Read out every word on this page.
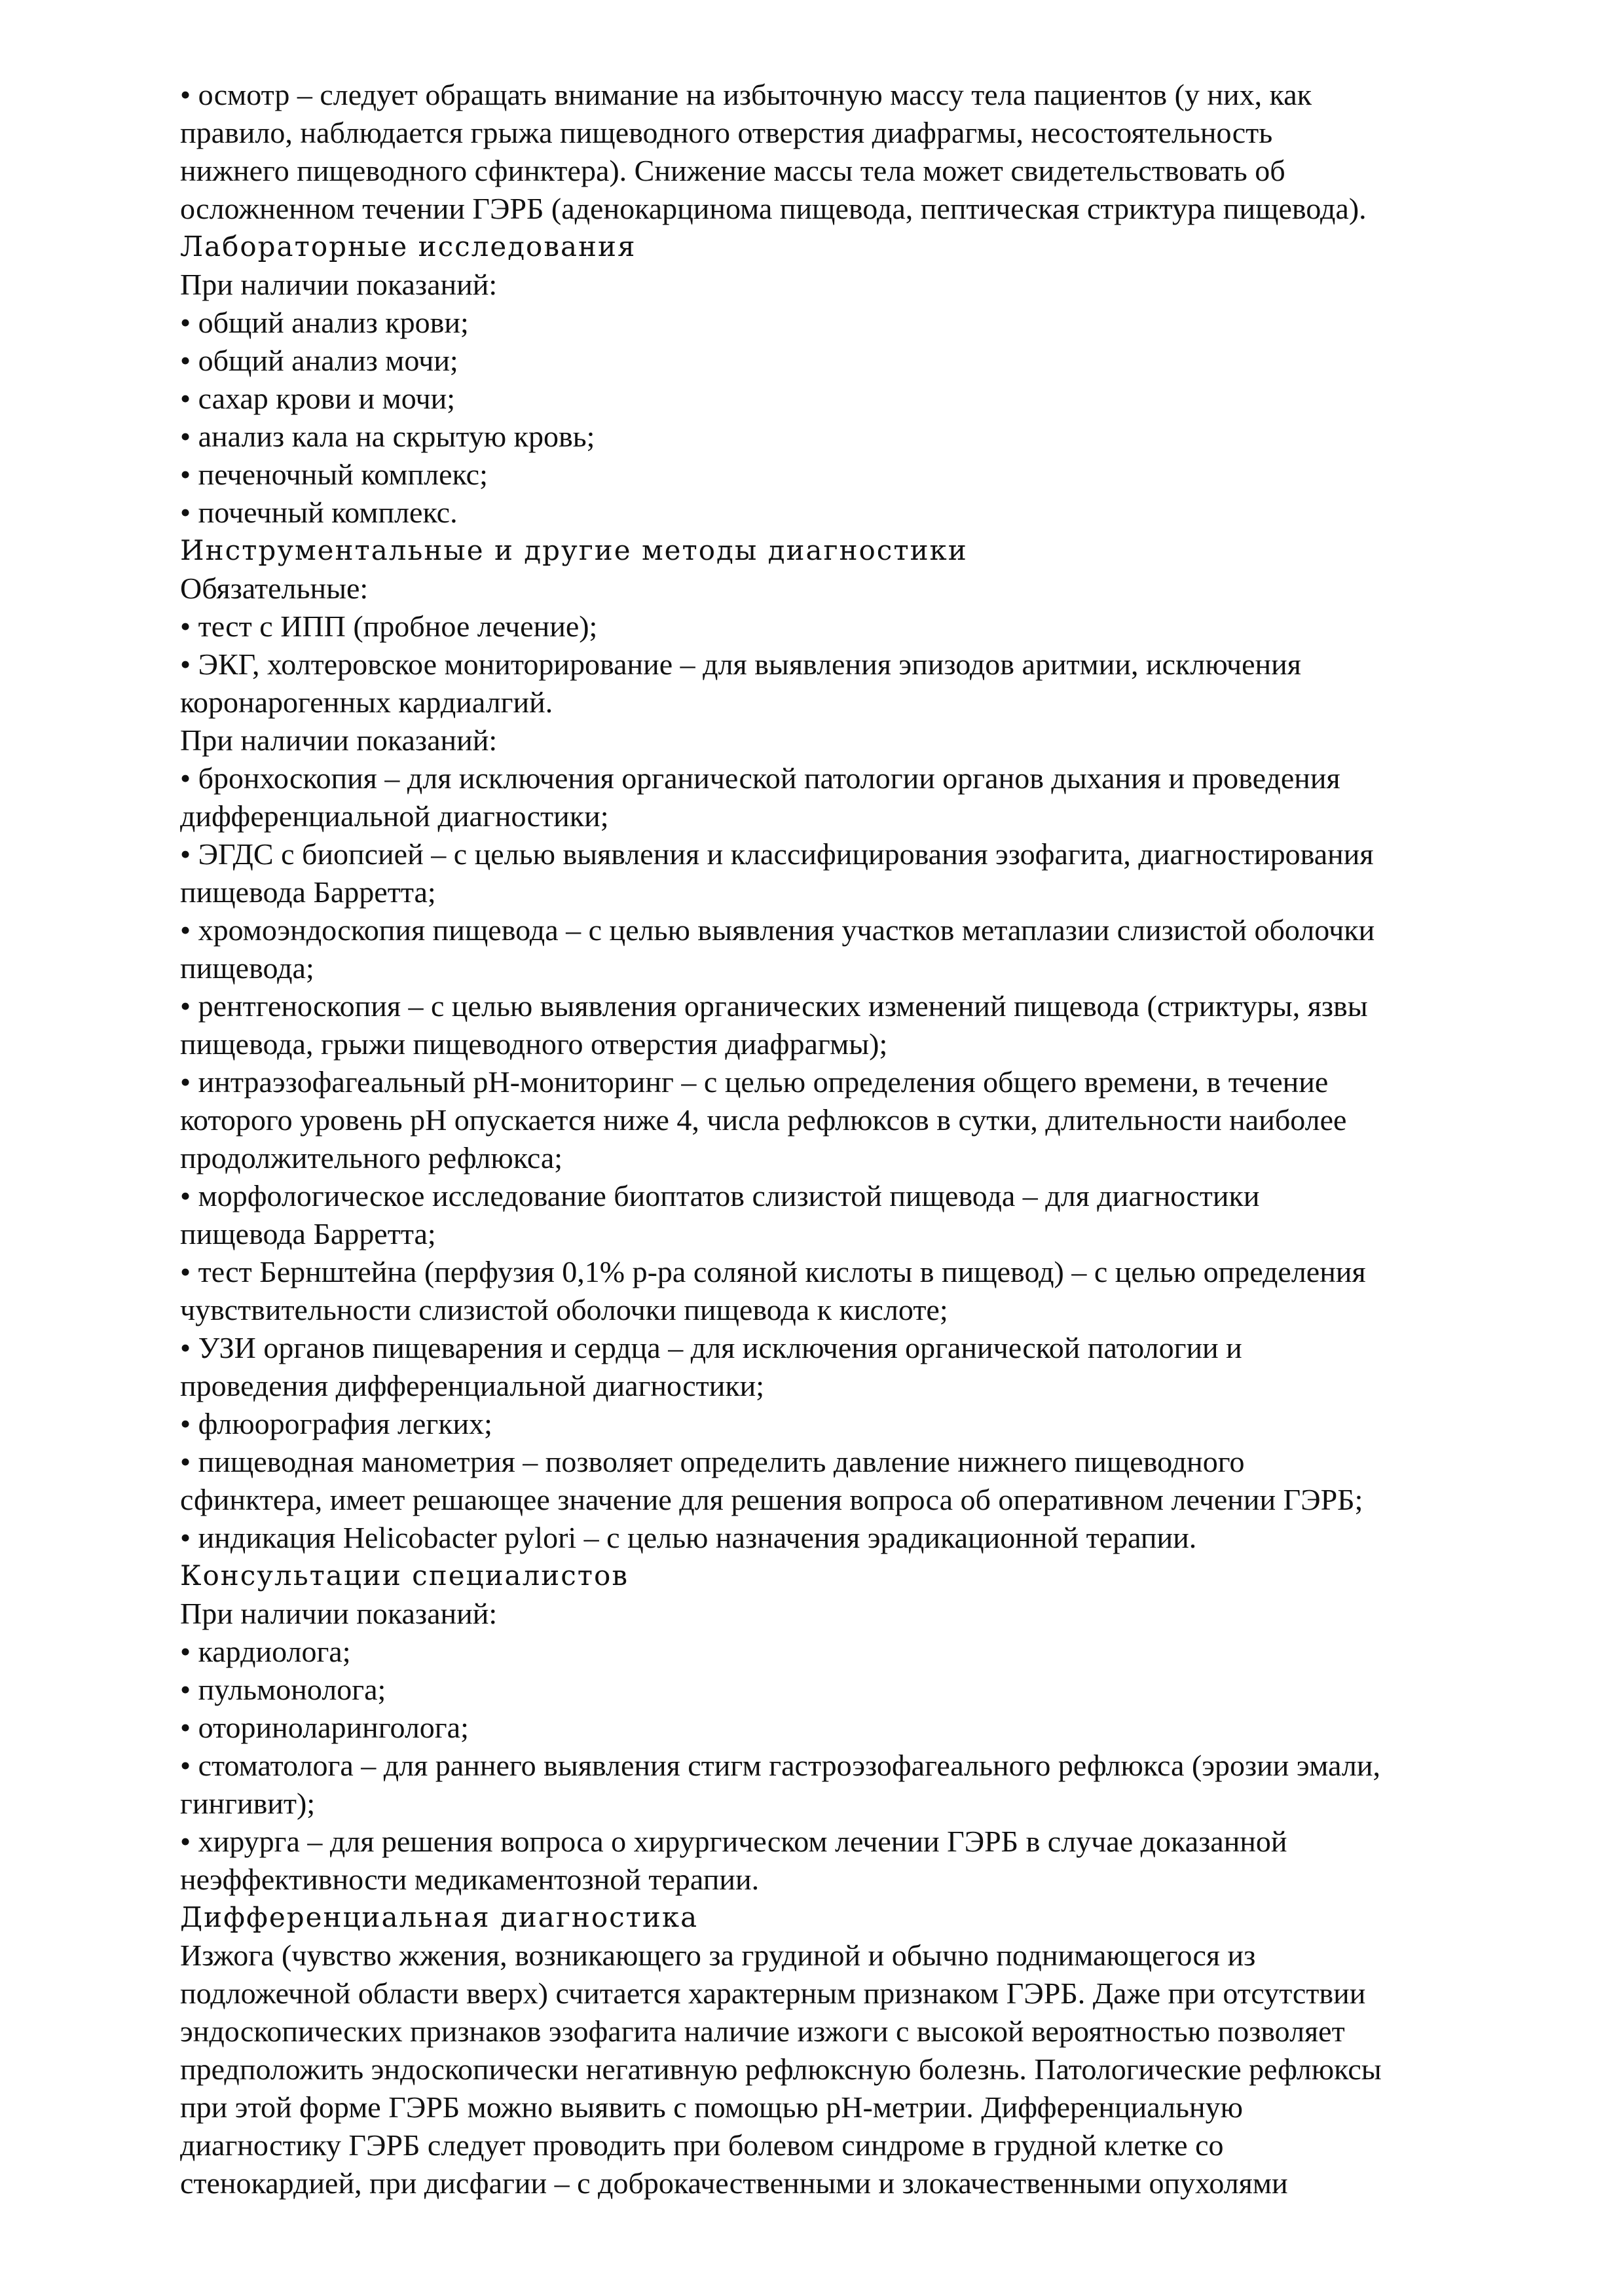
• осмотр – следует обращать внимание на избыточную массу тела пациентов (у них, как

правило, наблюдается грыжа пищеводного отверстия диафрагмы, несостоятельность

нижнего пищеводного сфинктера). Снижение массы тела может свидетельствовать об

осложненном течении ГЭРБ (аденокарцинома пищевода, пептическая стриктура пищевода).

Лабораторные исследования

При наличии показаний:

• общий анализ крови;

• общий анализ мочи;

• сахар крови и мочи;

• анализ кала на скрытую кровь;

• печеночный комплекс;

• почечный комплекс.

Инструментальные и другие методы диагностики

Обязательные:

• тест с ИПП (пробное лечение);

• ЭКГ, холтеровское мониторирование – для выявления эпизодов аритмии, исключения

коронарогенных кардиалгий.

При наличии показаний:

• бронхоскопия – для исключения органической патологии органов дыхания и проведения

дифференциальной диагностики;

• ЭГДС с биопсией – с целью выявления и классифицирования эзофагита, диагностирования

пищевода Барретта;

• хромоэндоскопия пищевода – с целью выявления участков метаплазии слизистой оболочки

пищевода;

• рентгеноскопия – с целью выявления органических изменений пищевода (стриктуры, язвы

пищевода, грыжи пищеводного отверстия диафрагмы);

• интраэзофагеальный pH-мониторинг – с целью определения общего времени, в течение

которого уровень pH опускается ниже 4, числа рефлюксов в сутки, длительности наиболее

продолжительного рефлюкса;

• морфологическое исследование биоптатов слизистой пищевода – для диагностики

пищевода Барретта;

• тест Бернштейна (перфузия 0,1% р-ра соляной кислоты в пищевод) – с целью определения

чувствительности слизистой оболочки пищевода к кислоте;

• УЗИ органов пищеварения и сердца – для исключения органической патологии и

проведения дифференциальной диагностики;

• флюорография легких;

• пищеводная манометрия – позволяет определить давление нижнего пищеводного

сфинктера, имеет решающее значение для решения вопроса об оперативном лечении ГЭРБ;

• индикация Helicobacter pylori – с целью назначения эрадикационной терапии.

Консультации специалистов

При наличии показаний:

• кардиолога;

• пульмонолога;

• оториноларинголога;

• стоматолога – для раннего выявления стигм гастроэзофагеального рефлюкса (эрозии эмали,

гингивит);

• хирурга – для решения вопроса о хирургическом лечении ГЭРБ в случае доказанной

неэффективности медикаментозной терапии.

Дифференциальная диагностика

Изжога (чувство жжения, возникающего за грудиной и обычно поднимающегося из

подложечной области вверх) считается характерным признаком ГЭРБ. Даже при отсутствии

эндоскопических признаков эзофагита наличие изжоги с высокой вероятностью позволяет

предположить эндоскопически негативную рефлюксную болезнь. Патологические рефлюксы

при этой форме ГЭРБ можно выявить с помощью pH-метрии. Дифференциальную

диагностику ГЭРБ следует проводить при болевом синдроме в грудной клетке со

стенокардией, при дисфагии – с доброкачественными и злокачественными опухолями
